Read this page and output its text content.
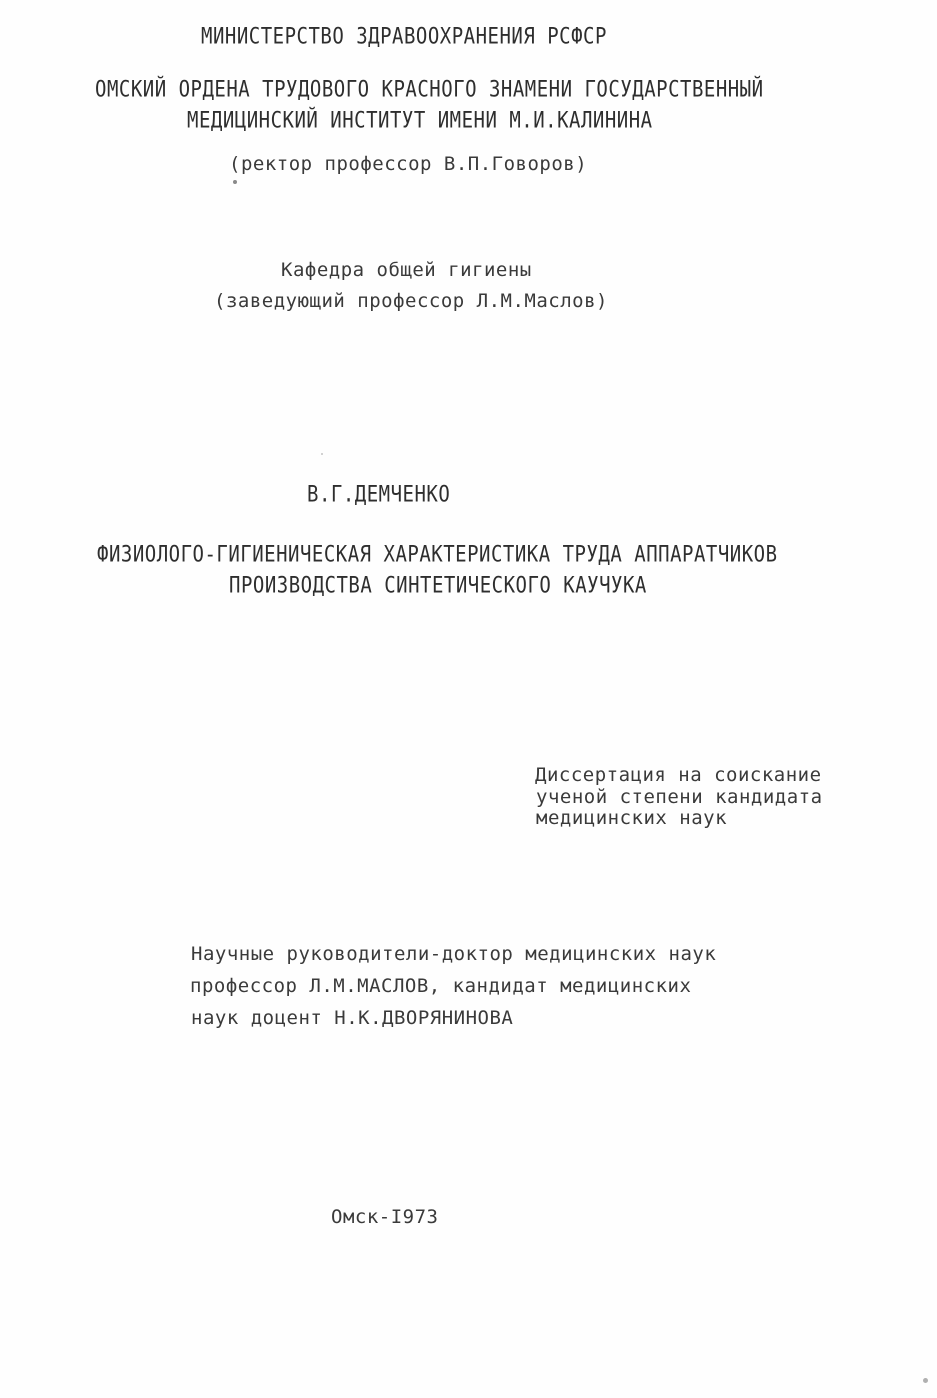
МИНИСТЕРСТВО ЗДРАВООХРАНЕНИЯ РСФСР
ОМСКИЙ ОРДЕНА ТРУДОВОГО КРАСНОГО ЗНАМЕНИ ГОСУДАРСТВЕННЫЙ
МЕДИЦИНСКИЙ ИНСТИТУТ ИМЕНИ М.И.КАЛИНИНА
(ректор профессор В.П.Говоров)
Кафедра общей гигиены
(заведующий профессор Л.М.Маслов)
В.Г.ДЕМЧЕНКО
ФИЗИОЛОГО-ГИГИЕНИЧЕСКАЯ ХАРАКТЕРИСТИКА ТРУДА АППАРАТЧИКОВ
ПРОИЗВОДСТВА СИНТЕТИЧЕСКОГО КАУЧУКА
Диссертация на соискание
ученой степени кандидата
медицинских наук
Научные руководители-доктор медицинских наук
профессор Л.М.МАСЛОВ, кандидат медицинских
наук доцент Н.К.ДВОРЯНИНОВА
Омск-I973
